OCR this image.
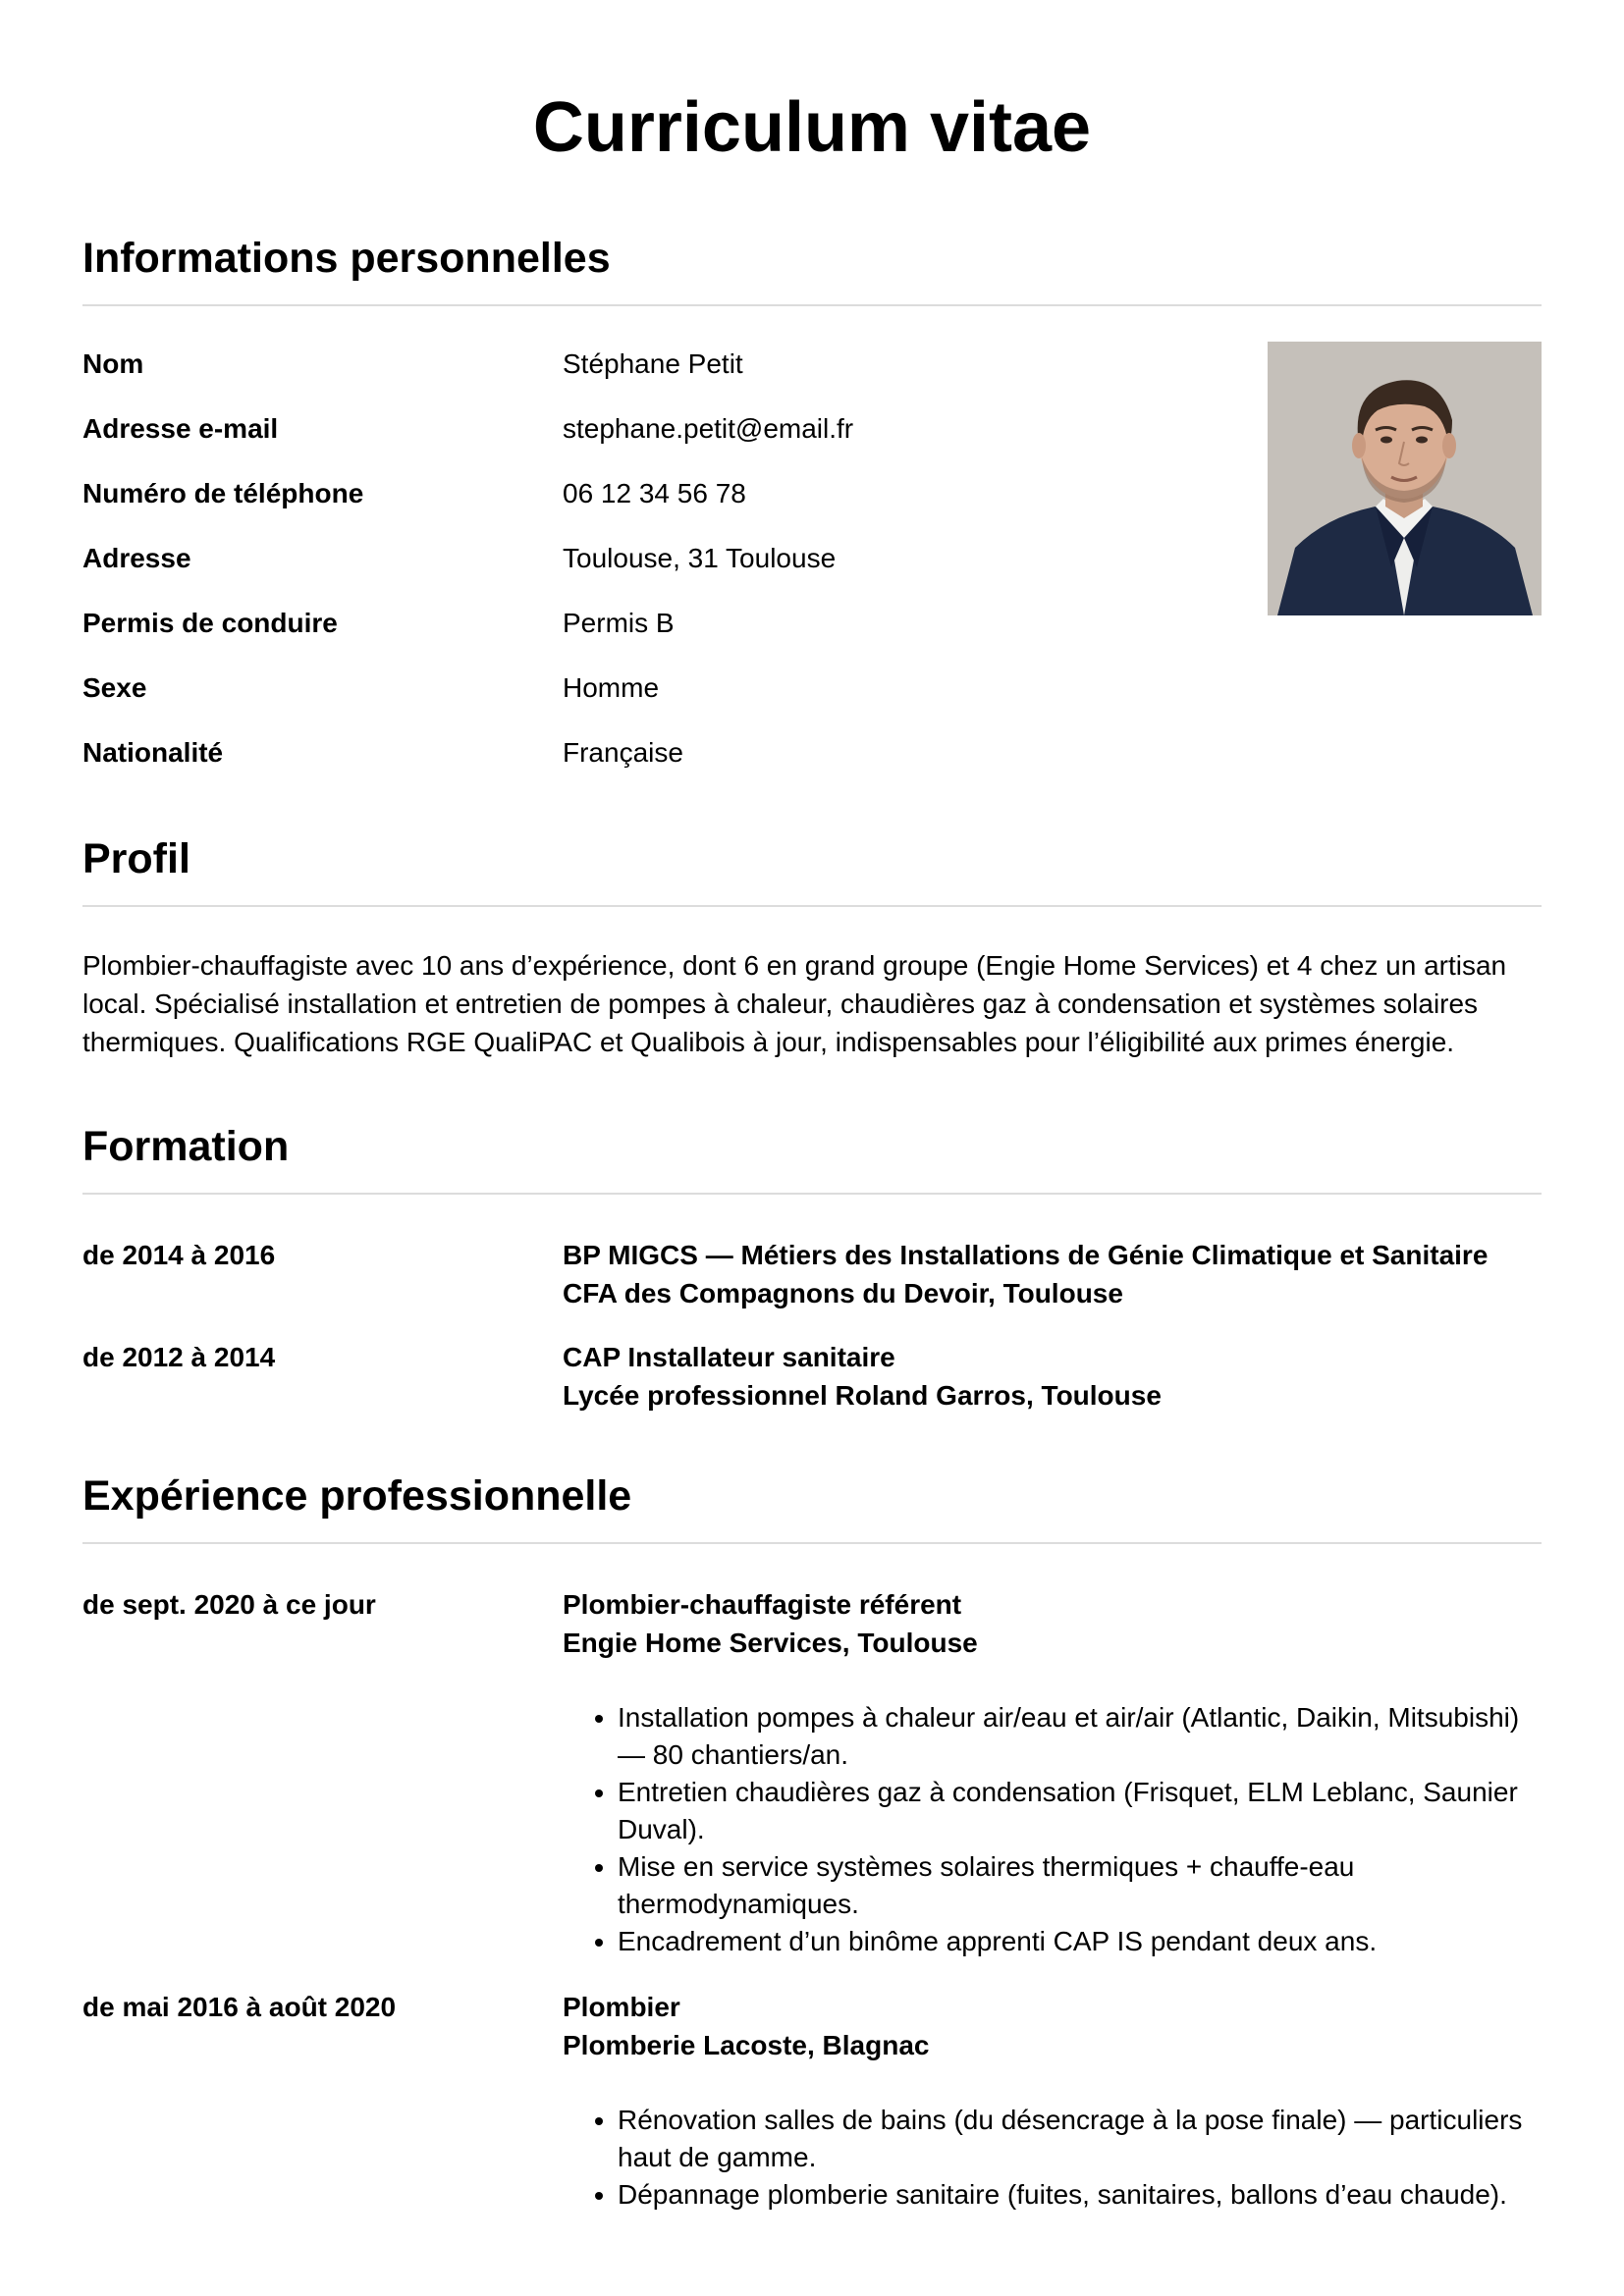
Curriculum vitae
Informations personnelles
Nom	Stéphane Petit
Adresse e-mail	stephane.petit@email.fr
Numéro de téléphone	06 12 34 56 78
Adresse	Toulouse, 31 Toulouse
Permis de conduire	Permis B
Sexe	Homme
Nationalité	Française
Profil

Plombier-chauffagiste avec 10 ans d’expérience, dont 6 en grand groupe (Engie Home Services) et 4 chez un artisan local. Spécialisé installation et entretien de pompes à chaleur, chaudières gaz à condensation et systèmes solaires thermiques. Qualifications RGE QualiPAC et Qualibois à jour, indispensables pour l’éligibilité aux primes énergie.

Formation
de 2014 à 2016	BP MIGCS — Métiers des Installations de Génie Climatique et Sanitaire
CFA des Compagnons du Devoir, Toulouse
de 2012 à 2014	CAP Installateur sanitaire
Lycée professionnel Roland Garros, Toulouse
Expérience professionnelle
de sept. 2020 à ce jour	Plombier-chauffagiste référent
Engie Home Services, Toulouse
• Installation pompes à chaleur air/eau et air/air (Atlantic, Daikin, Mitsubishi) — 80 chantiers/an.
• Entretien chaudières gaz à condensation (Frisquet, ELM Leblanc, Saunier Duval).
• Mise en service systèmes solaires thermiques + chauffe-eau thermodynamiques.
• Encadrement d’un binôme apprenti CAP IS pendant deux ans.
de mai 2016 à août 2020	Plombier
Plomberie Lacoste, Blagnac
• Rénovation salles de bains (du désencrage à la pose finale) — particuliers haut de gamme.
• Dépannage plomberie sanitaire (fuites, sanitaires, ballons d’eau chaude).
